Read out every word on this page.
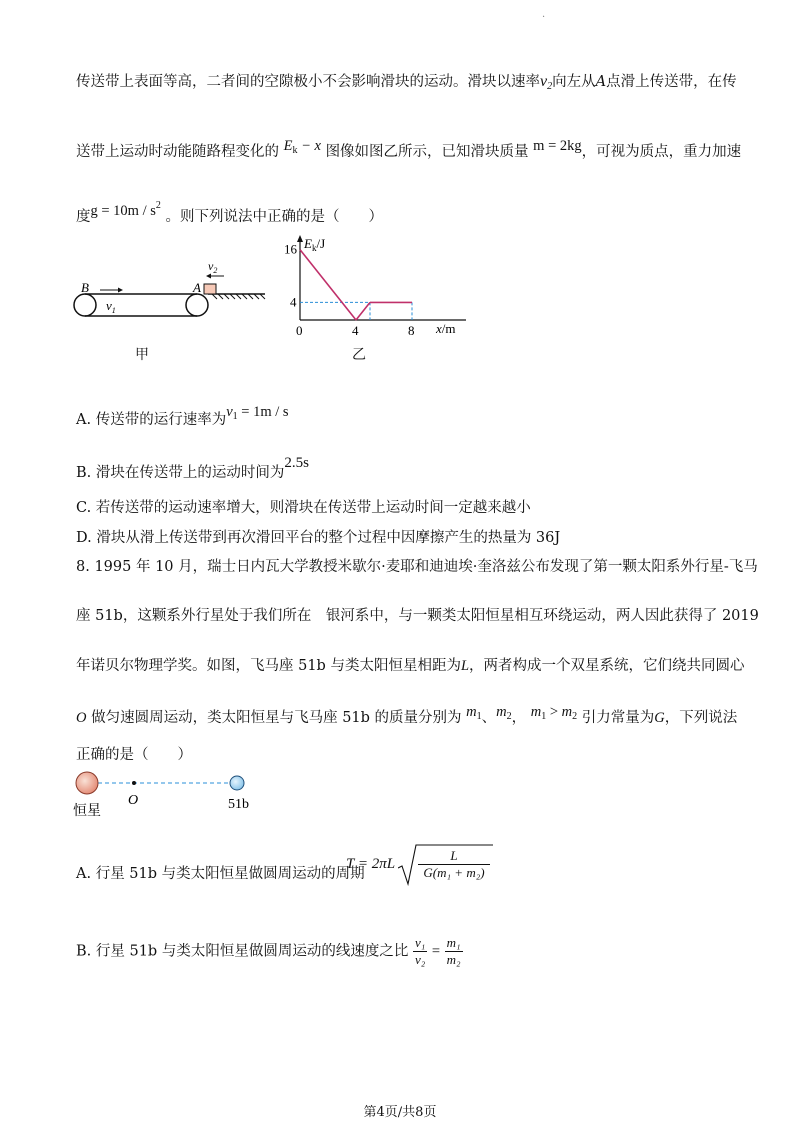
·
传送带上表面等高，二者间的空隙极小不会影响滑块的运动。滑块以速率$v_2$向左从A点滑上传送带，在传
送带上运动时动能随路程变化的 $E_k - x$ 图像如图乙所示，已知滑块质量 m = 2kg，可视为质点，重力加速
度$g = 10m / s^2$ 。则下列说法中正确的是（　　）
B	A
$v_1$
$v_2$
甲
0	4	8
4
16 $E_k/J$
x/m
乙
A. 传送带的运行速率为$v_1 = 1m / s$
B. 滑块在传送带上的运动时间为2.5s
C. 若传送带的运动速率增大，则滑块在传送带上运动时间一定越来越小
D. 滑块从滑上传送带到再次滑回平台的整个过程中因摩擦产生的热量为 36J
8. 1995 年 10 月，瑞士日内瓦大学教授米歇尔·麦耶和迪迪埃·奎洛兹公布发现了第一颗太阳系外行星-飞马
座 51b，这颗系外行星处于我们所在　银河系中，与一颗类太阳恒星相互环绕运动，两人因此获得了 2019
年诺贝尔物理学奖。如图，飞马座 51b 与类太阳恒星相距为L，两者构成一个双星系统，它们绕共同圆心
O 做匀速圆周运动，类太阳恒星与飞马座 51b 的质量分别为 $m_1$、$m_2$， $m_1 > m_2$ 引力常量为G，下列说法
正确的是（　　）
恒星
O	51b
A. 行星 51b 与类太阳恒星做圆周运动的周期
$T = 2\pi L \frac{L}{\text{G(m₁ + m₂)}}$
B. 行星 51b 与类太阳恒星做圆周运动的线速度之比 $\frac{\text{v₁}}{\text{v₂}} = \frac{\text{m₁}}{\text{m₂}}$
第4页/共8页
